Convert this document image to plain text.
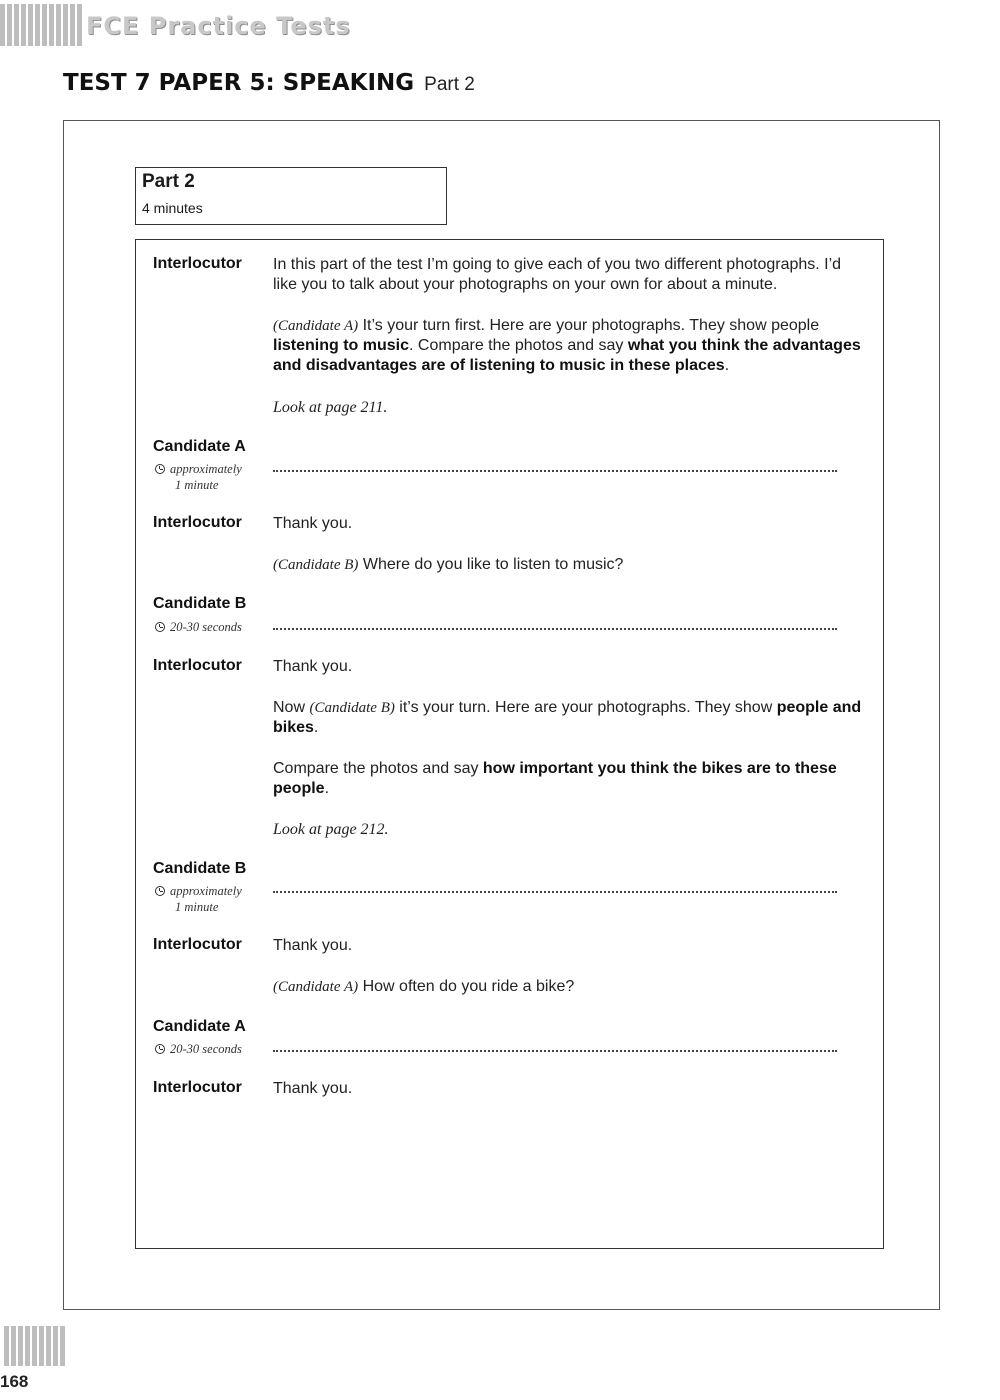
FCE Practice Tests
TEST 7 PAPER 5: SPEAKING Part 2
Part 2
4 minutes
Interlocutor In this part of the test I’m going to give each of you two different photographs. I’d like you to talk about your photographs on your own for about a minute.
(Candidate A) It’s your turn first. Here are your photographs. They show people listening to music. Compare the photos and say what you think the advantages and disadvantages are of listening to music in these places.
Look at page 211.
Candidate A
approximately
1 minute
Interlocutor Thank you.
(Candidate B) Where do you like to listen to music?
Candidate B
20-30 seconds
Interlocutor Thank you.
Now (Candidate B) it’s your turn. Here are your photographs. They show people and bikes.
Compare the photos and say how important you think the bikes are to these people.
Look at page 212.
Candidate B
approximately
1 minute
Interlocutor Thank you.
(Candidate A) How often do you ride a bike?
Candidate A
20-30 seconds
Interlocutor Thank you.
168
